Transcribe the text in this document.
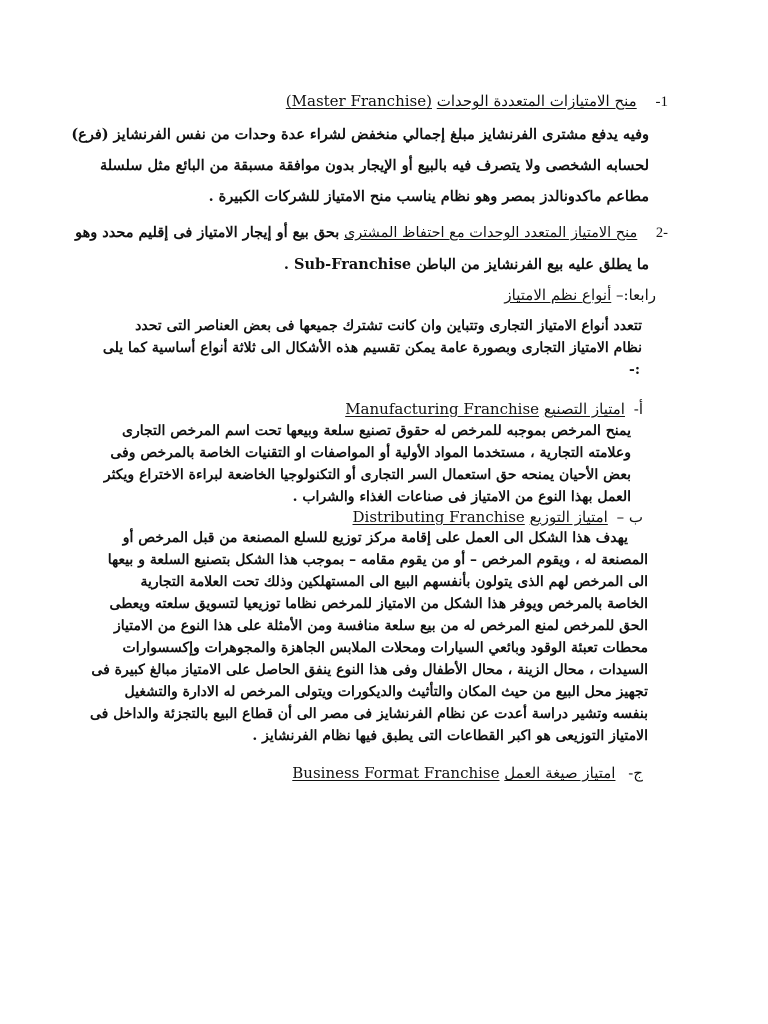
1- منح الامتيازات المتعددة الوحدات (Master Franchise)
وفيه يدفع مشترى الفرنشايز مبلغ إجمالي منخفض لشراء عدة وحدات من نفس الفرنشايز (فرع)
لحسابه الشخصى ولا يتصرف فيه بالبيع أو الإيجار بدون موافقة مسبقة من البائع مثل سلسلة
مطاعم ماكدونالدز بمصر وهو نظام يناسب منح الامتياز للشركات الكبيرة .
-2 منح الامتياز المتعدد الوحدات مع احتفاظ المشترى بحق بيع أو إيجار الامتياز فى إقليم محدد وهو
ما يطلق عليه بيع الفرنشايز من الباطن Sub-Franchise .
رابعا:– أنواع نظم الامتياز
تتعدد أنواع الامتياز التجارى وتتباين وان كانت تشترك جميعها فى بعض العناصر التى تحدد
نظام الامتياز التجارى وبصورة عامة يمكن تقسيم هذه الأشكال الى ثلاثة أنواع أساسية كما يلى
:-
أ- امتياز التصنيع Manufacturing Franchise
يمنح المرخص بموجبه للمرخص له حقوق تصنيع سلعة وبيعها تحت اسم المرخص التجارى
وعلامته التجارية ، مستخدما المواد الأولية أو المواصفات او التقنيات الخاصة بالمرخص وفى
بعض الأحيان يمنحه حق استعمال السر التجارى أو التكنولوجيا الخاضعة لبراءة الاختراع ويكثر
العمل بهذا النوع من الامتياز فى صناعات الغذاء والشراب .
ب – امتياز التوزيع Distributing Franchise
يهدف هذا الشكل الى العمل على إقامة مركز توزيع للسلع المصنعة من قبل المرخص أو
المصنعة له ، ويقوم المرخص – أو من يقوم مقامه – بموجب هذا الشكل بتصنيع السلعة و بيعها
الى المرخص لهم الذى يتولون بأنفسهم البيع الى المستهلكين وذلك تحت العلامة التجارية
الخاصة بالمرخص ويوفر هذا الشكل من الامتياز للمرخص نظاما توزيعيا لتسويق سلعته ويعطى
الحق للمرخص لمنع المرخص له من بيع سلعة منافسة ومن الأمثلة على هذا النوع من الامتياز
محطات تعبئة الوقود وبائعي السيارات ومحلات الملابس الجاهزة والمجوهرات وإكسسوارات
السيدات ، محال الزينة ، محال الأطفال وفى هذا النوع ينفق الحاصل على الامتياز مبالغ كبيرة فى
تجهيز محل البيع من حيث المكان والتأثيث والديكورات ويتولى المرخص له الادارة والتشغيل
بنفسه وتشير دراسة أعدت عن نظام الفرنشايز فى مصر الى أن قطاع البيع بالتجزئة والداخل فى
الامتياز التوزيعى هو اكبر القطاعات التى يطبق فيها نظام الفرنشايز .
ج- امتياز صيغة العمل Business Format Franchise
